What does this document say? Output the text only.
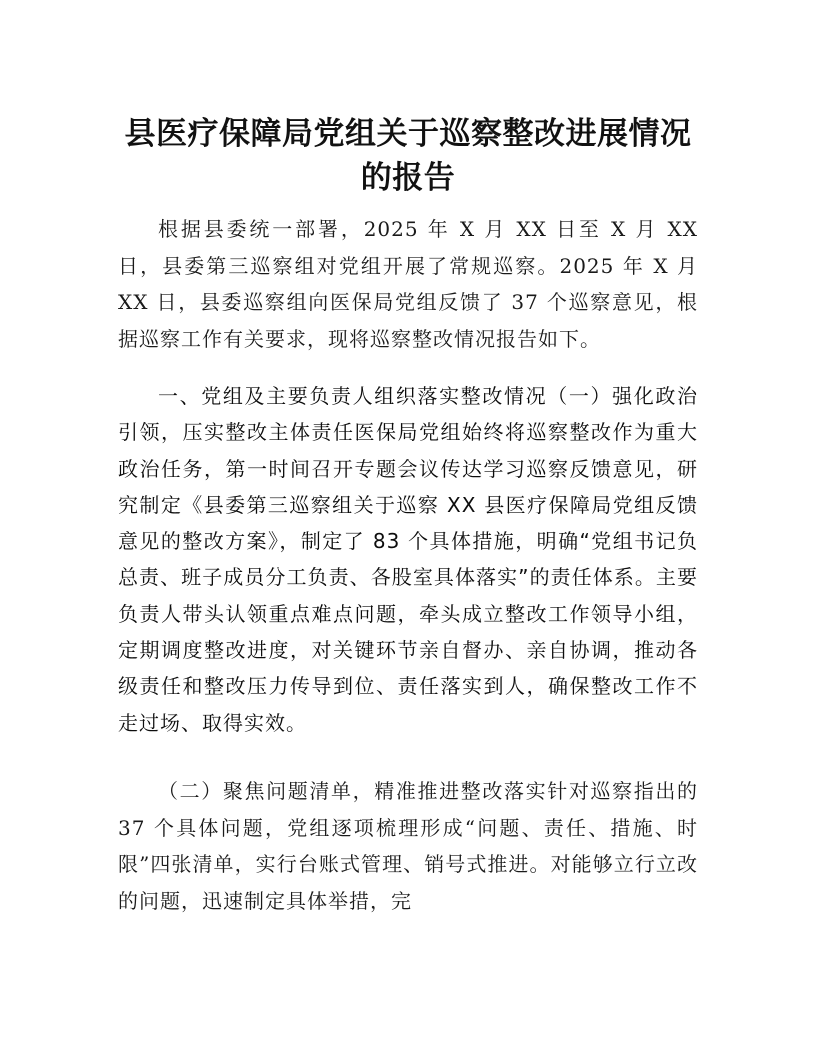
县医疗保障局党组关于巡察整改进展情况的报告

根据县委统一部署，2025 年 X 月 XX 日至 X 月 XX 日，县委第三巡察组对党组开展了常规巡察。2025 年 X 月 XX 日，县委巡察组向医保局党组反馈了 37 个巡察意见，根据巡察工作有关要求，现将巡察整改情况报告如下。

一、党组及主要负责人组织落实整改情况（一）强化政治引领，压实整改主体责任医保局党组始终将巡察整改作为重大政治任务，第一时间召开专题会议传达学习巡察反馈意见，研究制定《县委第三巡察组关于巡察 XX 县医疗保障局党组反馈意见的整改方案》，制定了 83 个具体措施，明确“党组书记负总责、班子成员分工负责、各股室具体落实”的责任体系。主要负责人带头认领重点难点问题，牵头成立整改工作领导小组，定期调度整改进度，对关键环节亲自督办、亲自协调，推动各级责任和整改压力传导到位、责任落实到人，确保整改工作不走过场、取得实效。

（二）聚焦问题清单，精准推进整改落实针对巡察指出的 37 个具体问题，党组逐项梳理形成“问题、责任、措施、时限”四张清单，实行台账式管理、销号式推进。对能够立行立改的问题，迅速制定具体举措，完
